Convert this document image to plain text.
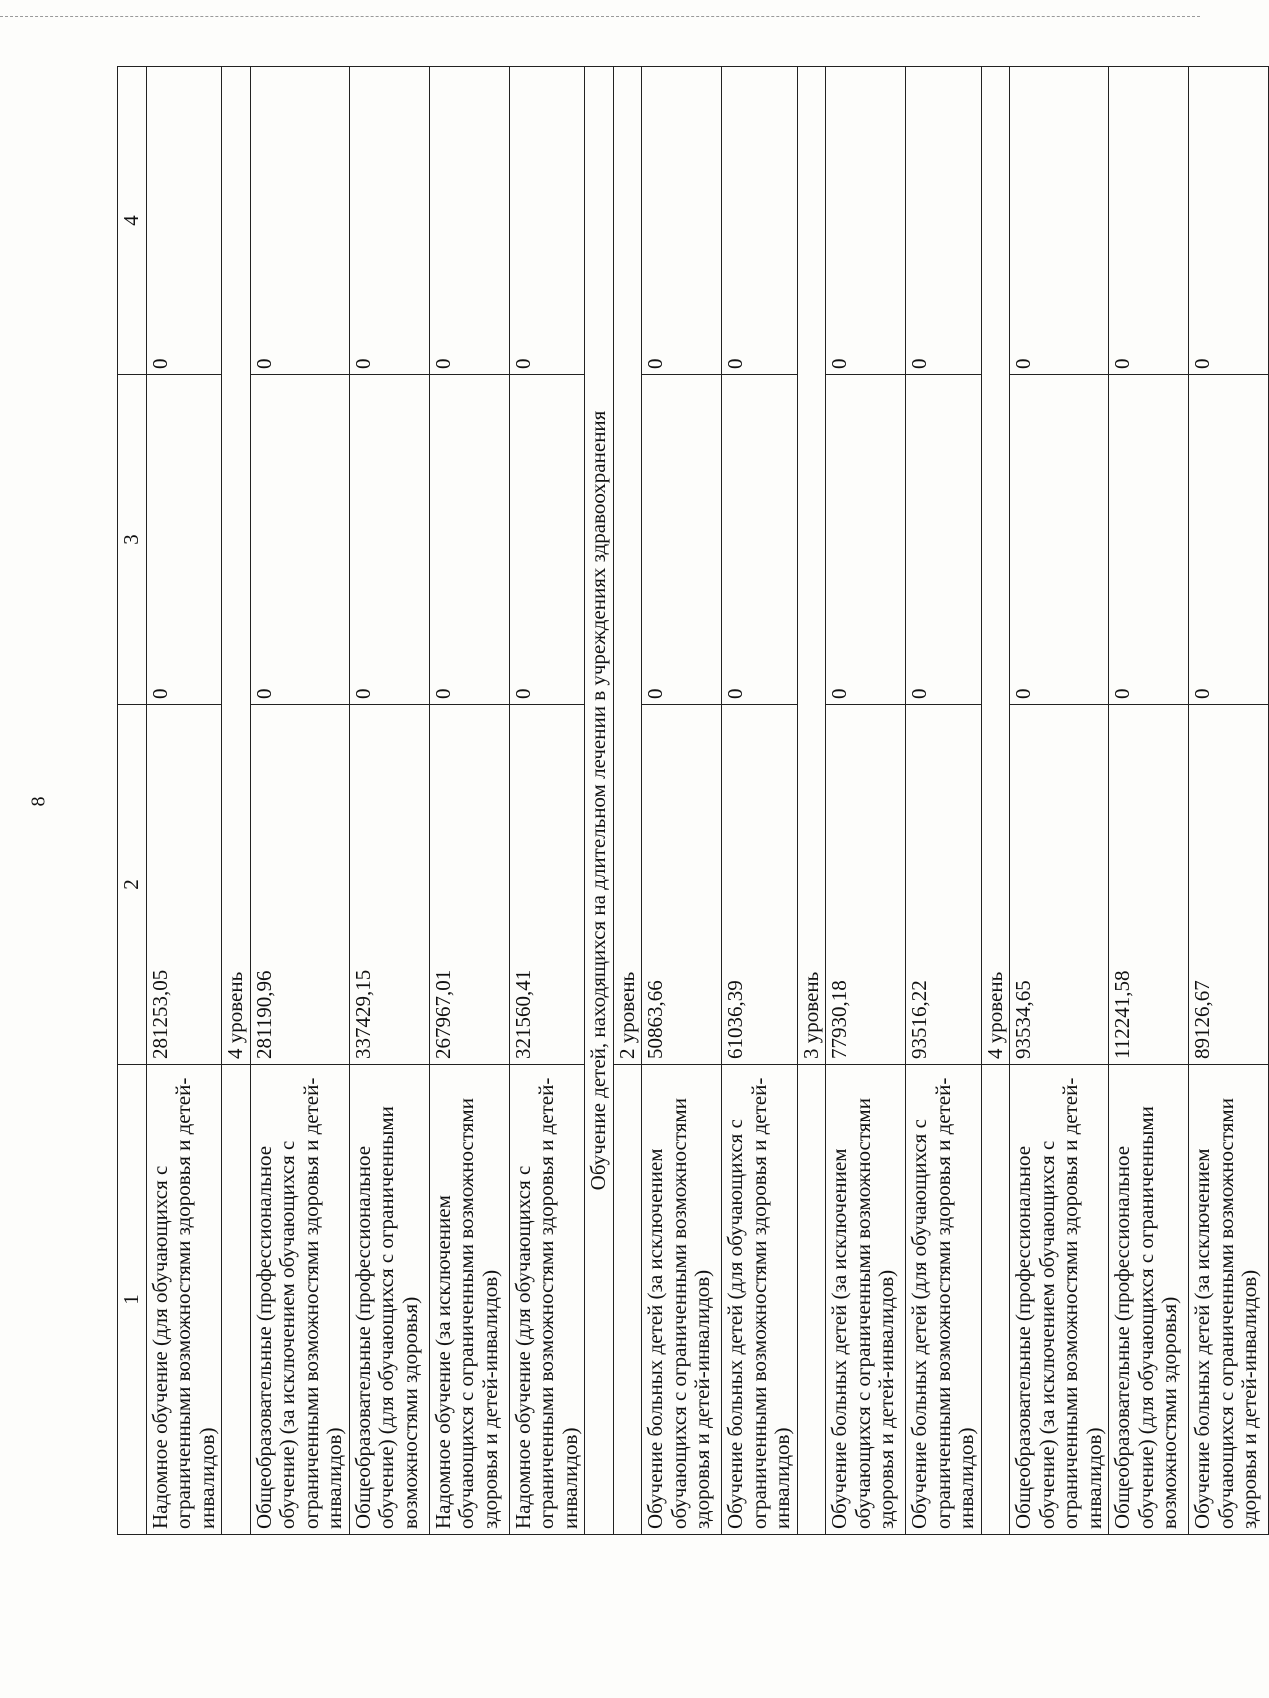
8
1	2	3	4
Надомное обучение (для обучающихся с ограниченными возможностями здоровья и детей-инвалидов)	281253,05	0	0
	4 уровень		
Общеобразовательные (профессиональное обучение) (за исключением обучающихся с ограниченными возможностями здоровья и детей-инвалидов)	281190,96	0	0
Общеобразовательные (профессиональное обучение) (для обучающихся с ограниченными возможностями здоровья)	337429,15	0	0
Надомное обучение (за исключением обучающихся с ограниченными возможностями здоровья и детей-инвалидов)	267967,01	0	0
Надомное обучение (для обучающихся с ограниченными возможностями здоровья и детей-инвалидов)	321560,41	0	0
Обучение детей, находящихся на длительном лечении в учреждениях здравоохранения			
	2 уровень		
Обучение больных детей (за исключением обучающихся с ограниченными возможностями здоровья и детей-инвалидов)	50863,66	0	0
Обучение больных детей (для обучающихся с ограниченными возможностями здоровья и детей-инвалидов)	61036,39	0	0
	3 уровень		
Обучение больных детей (за исключением обучающихся с ограниченными возможностями здоровья и детей-инвалидов)	77930,18	0	0
Обучение больных детей (для обучающихся с ограниченными возможностями здоровья и детей-инвалидов)	93516,22	0	0
	4 уровень		
Общеобразовательные (профессиональное обучение) (за исключением обучающихся с ограниченными возможностями здоровья и детей-инвалидов)	93534,65	0	0
Общеобразовательные (профессиональное обучение) (для обучающихся с ограниченными возможностями здоровья)	112241,58	0	0
Обучение больных детей (за исключением обучающихся с ограниченными возможностями здоровья и детей-инвалидов)	89126,67	0	0
